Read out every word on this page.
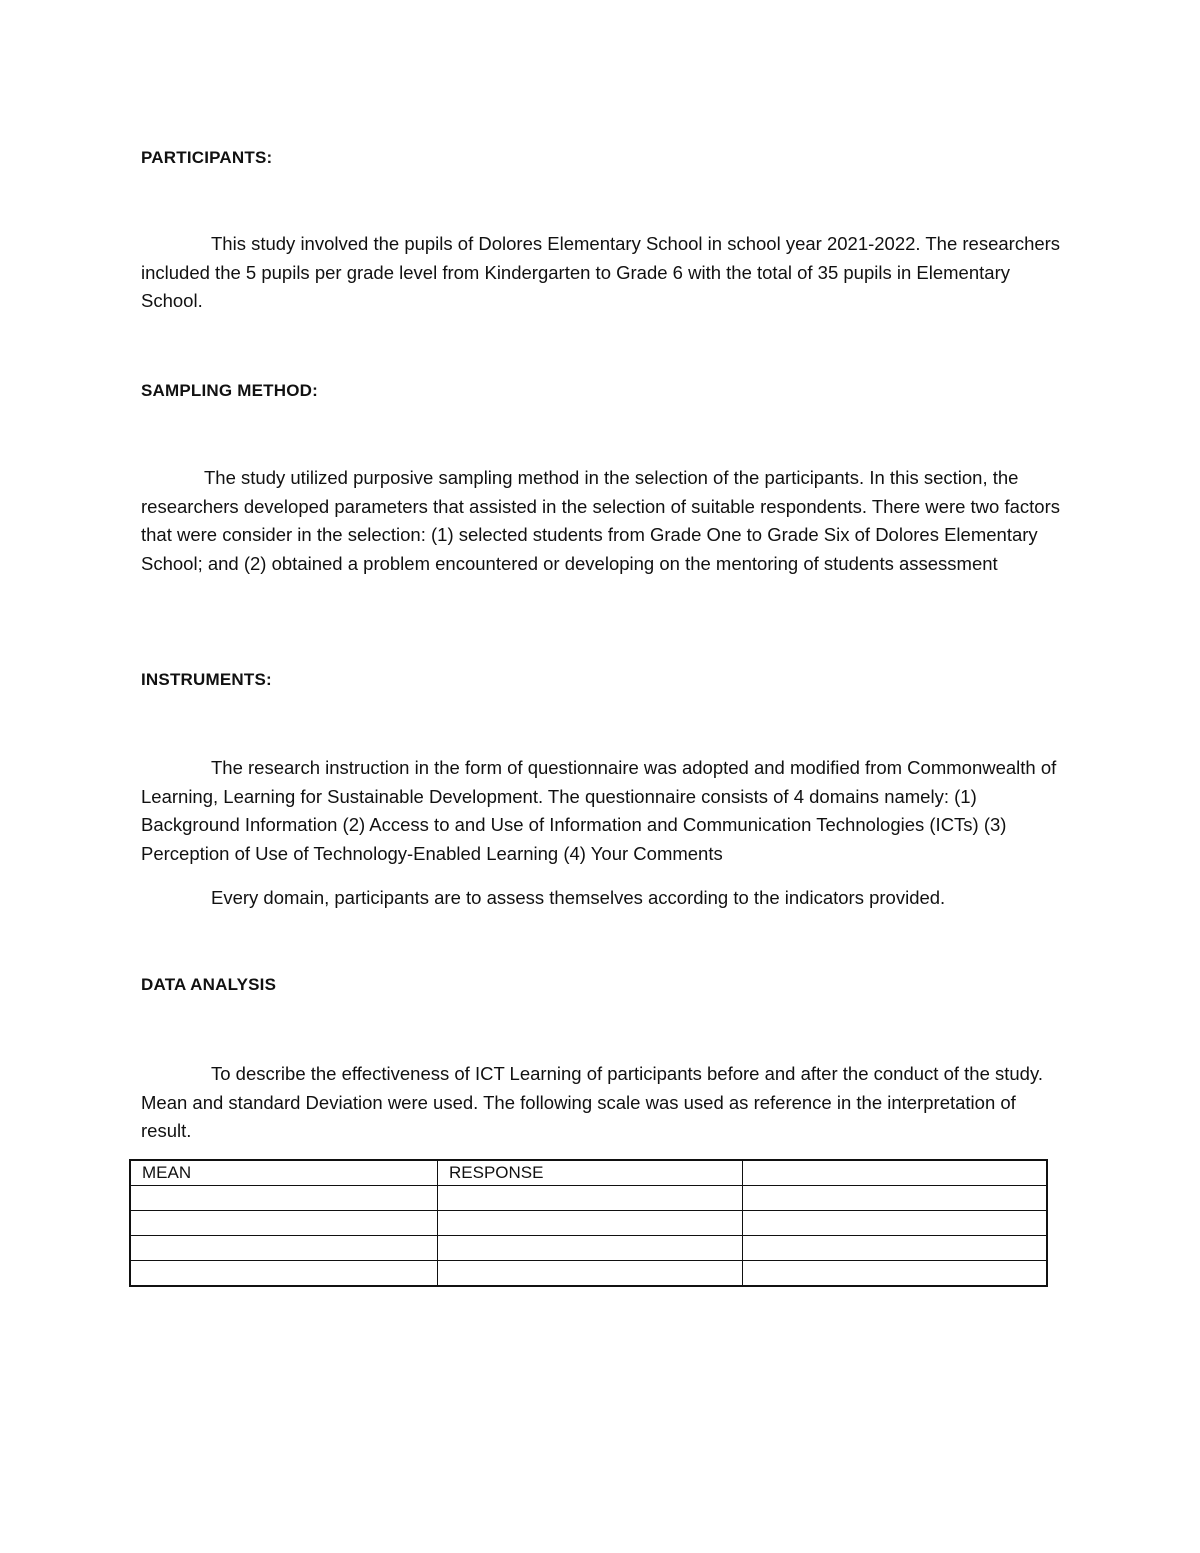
PARTICIPANTS:

This study involved the pupils of Dolores Elementary School in school year 2021-2022. The researchers included the 5 pupils per grade level from Kindergarten to Grade 6 with the total of 35 pupils in Elementary School.

SAMPLING METHOD:

The study utilized purposive sampling method in the selection of the participants. In this section, the researchers developed parameters that assisted in the selection of suitable respondents. There were two factors that were consider in the selection: (1) selected students from Grade One to Grade Six of Dolores Elementary School; and (2) obtained a problem encountered or developing on the mentoring of students assessment

INSTRUMENTS:

The research instruction in the form of questionnaire was adopted and modified from Commonwealth of Learning, Learning for Sustainable Development. The questionnaire consists of 4 domains namely: (1) Background Information (2) Access to and Use of Information and Communication Technologies (ICTs) (3) Perception of Use of Technology-Enabled Learning (4) Your Comments

Every domain, participants are to assess themselves according to the indicators provided.

DATA ANALYSIS

To describe the effectiveness of ICT Learning of participants before and after the conduct of the study. Mean and standard Deviation were used. The following scale was used as reference in the interpretation of result.

MEAN	RESPONSE	
